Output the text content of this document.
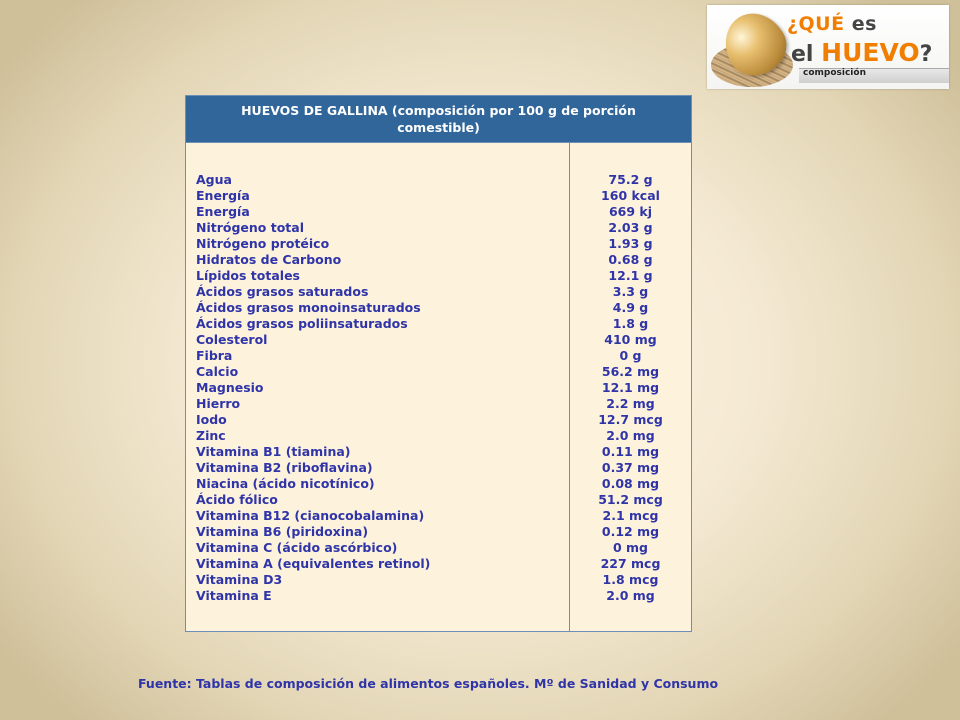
¿QUÉ es
el HUEVO?
composición
HUEVOS DE GALLINA (composición por 100 g de porción comestible)
Agua
Energía
Energía
Nitrógeno total
Nitrógeno protéico
Hidratos de Carbono
Lípidos totales
Ácidos grasos saturados
Ácidos grasos monoinsaturados
Ácidos grasos poliinsaturados
Colesterol
Fibra
Calcio
Magnesio
Hierro
Iodo
Zinc
Vitamina B1 (tiamina)
Vitamina B2 (riboflavina)
Niacina (ácido nicotínico)
Ácido fólico
Vitamina B12 (cianocobalamina)
Vitamina B6 (piridoxina)
Vitamina C (ácido ascórbico)
Vitamina A (equivalentes retinol)
Vitamina D3
Vitamina E
75.2 g
160 kcal
669 kj
2.03 g
1.93 g
0.68 g
12.1 g
3.3 g
4.9 g
1.8 g
410 mg
0 g
56.2 mg
12.1 mg
2.2 mg
12.7 mcg
2.0 mg
0.11 mg
0.37 mg
0.08 mg
51.2 mcg
2.1 mcg
0.12 mg
0 mg
227 mcg
1.8 mcg
2.0 mg
Fuente: Tablas de composición de alimentos españoles. Mº de Sanidad y Consumo
